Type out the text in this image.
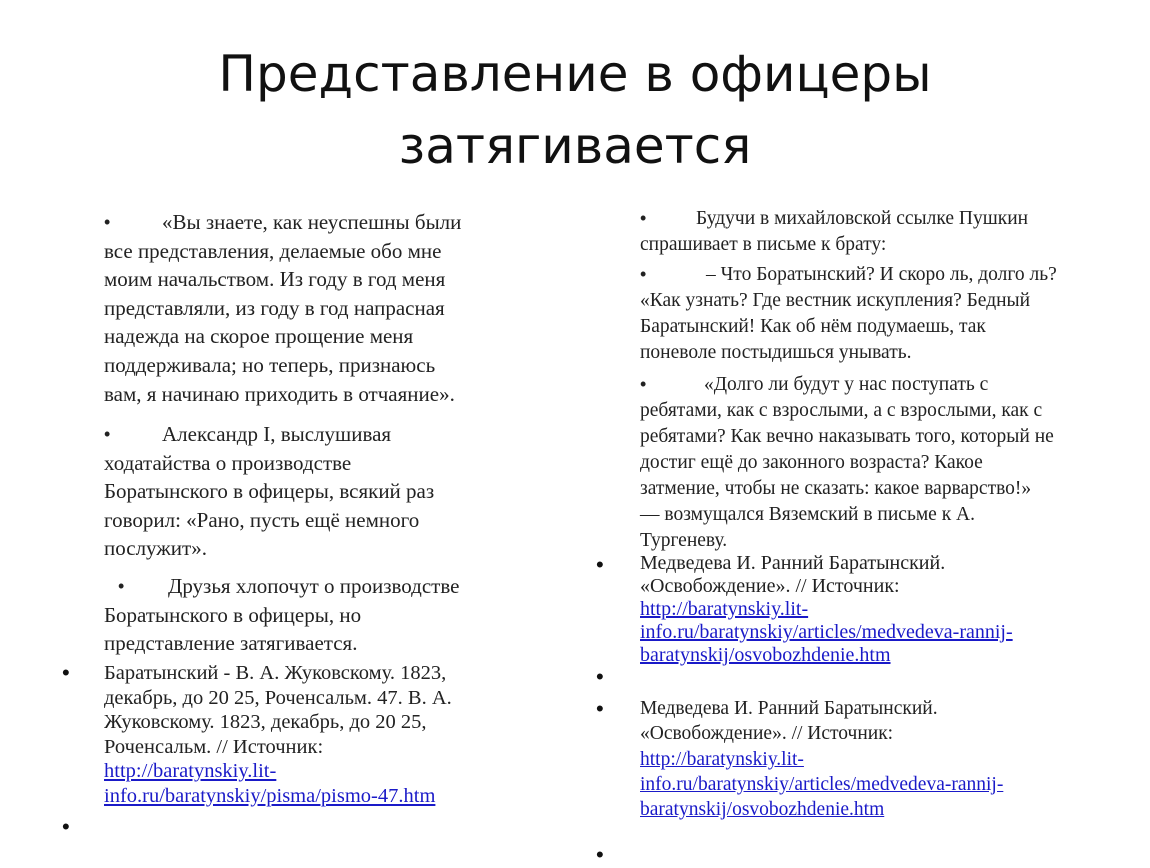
Представление в офицеры
затягивается
• «Вы знаете, как неуспешны были
все представления, делаемые обо мне
моим начальством. Из году в год меня
представляли, из году в год напрасная
надежда на скорое прощение меня
поддерживала; но теперь, признаюсь
вам, я начинаю приходить в отчаяние».
•	Александр I, выслушивая
ходатайства о производстве
Боратынского в офицеры, всякий раз
говорил: «Рано, пусть ещё немного
послужит».
•	Друзья хлопочут о производстве
Боратынского в офицеры, но
представление затягивается.
• Баратынский - В. А. Жуковскому. 1823,
декабрь, до 20 25, Роченсальм. 47. В. А.
Жуковскому. 1823, декабрь, до 20 25,
Роченсальм. // Источник:
http://baratynskiy.lit-
info.ru/baratynskiy/pisma/pismo-47.htm
•
•	Будучи в михайловской ссылке Пушкин
спрашивает в письме к брату:
•	– Что Боратынский? И скоро ль, долго ль?
«Как узнать? Где вестник искупления? Бедный
Баратынский! Как об нём подумаешь, так
поневоле постыдишься унывать.
•	«Долго ли будут у нас поступать с
ребятами, как с взрослыми, а с взрослыми, как с
ребятами? Как вечно наказывать того, который не
достиг ещё до законного возраста? Какое
затмение, чтобы не сказать: какое варварство!»
— возмущался Вяземский в письме к А.
Тургеневу.
• Медведева И. Ранний Баратынский.
«Освобождение». // Источник:
http://baratynskiy.lit-
info.ru/baratynskiy/articles/medvedeva-rannij-
baratynskij/osvobozhdenie.htm
•
• Медведева И. Ранний Баратынский.
«Освобождение». // Источник:
http://baratynskiy.lit-
info.ru/baratynskiy/articles/medvedeva-rannij-
baratynskij/osvobozhdenie.htm
•
